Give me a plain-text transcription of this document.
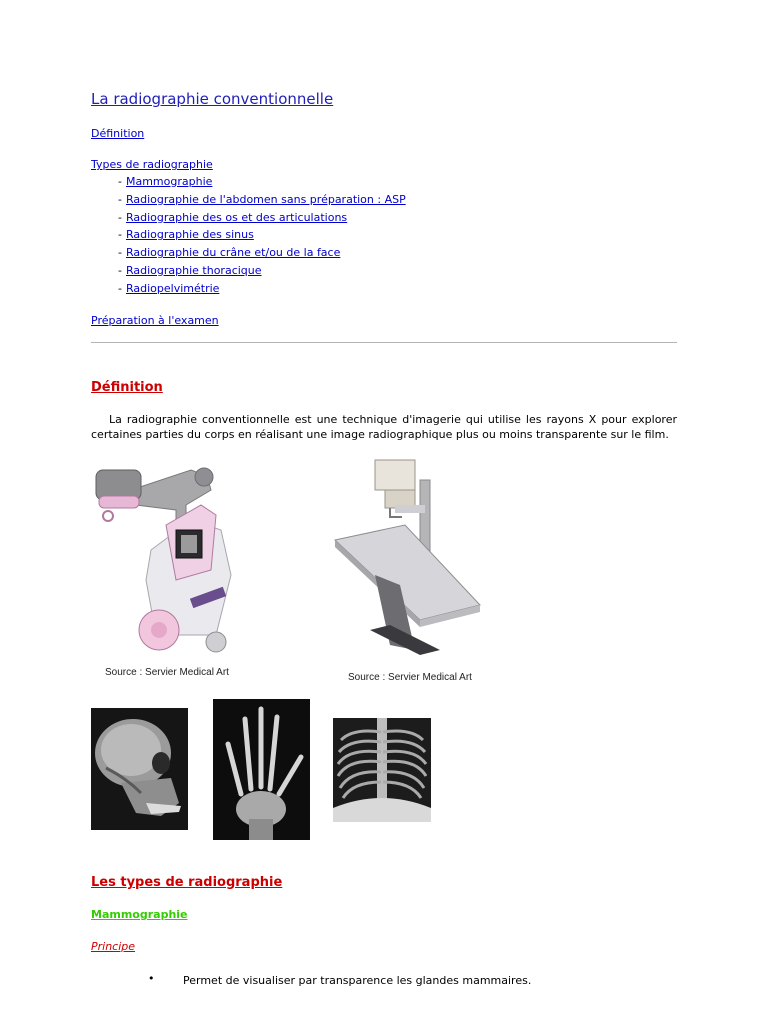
La radiographie conventionnelle
Définition
Types de radiographie
- Mammographie
- Radiographie de l'abdomen sans préparation : ASP
- Radiographie des os et des articulations
- Radiographie des sinus
- Radiographie du crâne et/ou de la face
- Radiographie thoracique
- Radiopelvimétrie
Préparation à l'examen
Définition

La radiographie conventionnelle est une technique d'imagerie qui utilise les rayons X pour explorer certaines parties du corps en réalisant une image radiographique plus ou moins transparente sur le film.

Source : Servier Medical Art	Source : Servier Medical Art
Les types de radiographie
Mammographie

Principe

•	Permet de visualiser par transparence les glandes mammaires.
